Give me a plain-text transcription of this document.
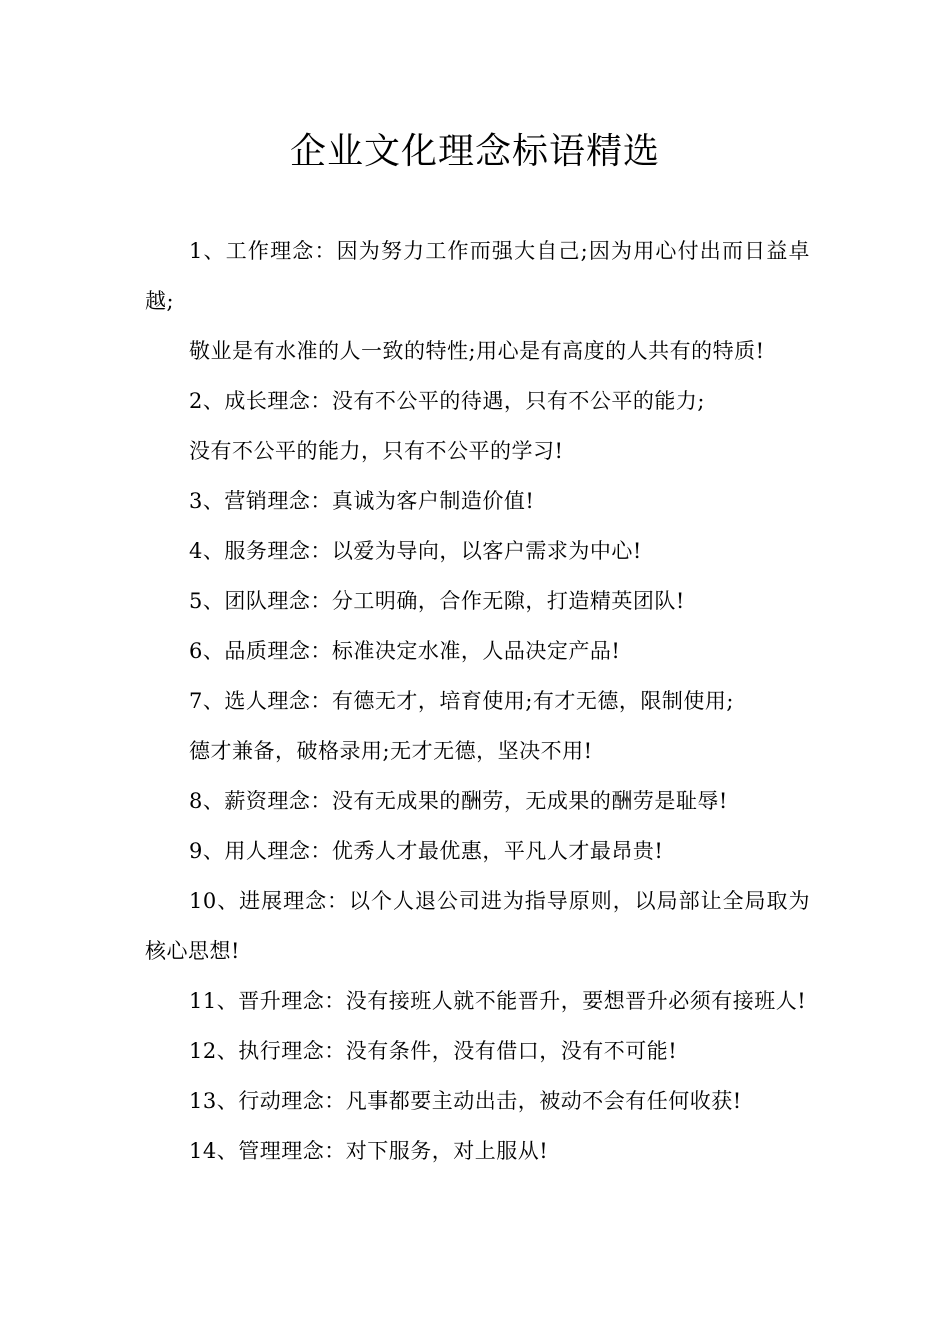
企业文化理念标语精选

1、工作理念：因为努力工作而强大自己;因为用心付出而日益卓越;

敬业是有水准的人一致的特性;用心是有高度的人共有的特质!

2、成长理念：没有不公平的待遇，只有不公平的能力;

没有不公平的能力，只有不公平的学习!

3、营销理念：真诚为客户制造价值!

4、服务理念：以爱为导向，以客户需求为中心!

5、团队理念：分工明确，合作无隙，打造精英团队!

6、品质理念：标准决定水准，人品决定产品!

7、选人理念：有德无才，培育使用;有才无德，限制使用;

德才兼备，破格录用;无才无德，坚决不用!

8、薪资理念：没有无成果的酬劳，无成果的酬劳是耻辱!

9、用人理念：优秀人才最优惠，平凡人才最昂贵!

10、进展理念：以个人退公司进为指导原则，以局部让全局取为核心思想!

11、晋升理念：没有接班人就不能晋升，要想晋升必须有接班人!

12、执行理念：没有条件，没有借口，没有不可能!

13、行动理念：凡事都要主动出击，被动不会有任何收获!

14、管理理念：对下服务，对上服从!
